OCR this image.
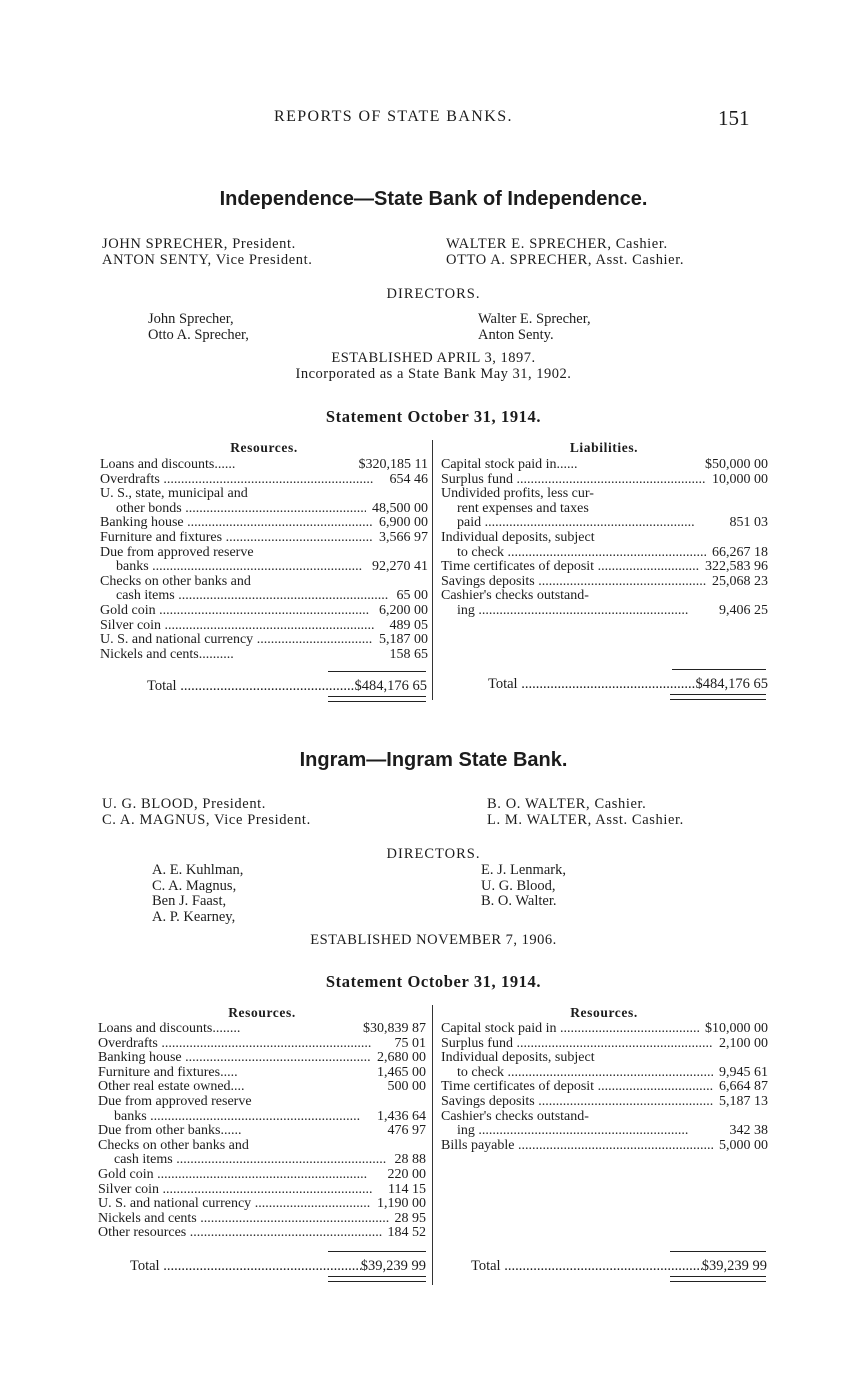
REPORTS OF STATE BANKS.	151
Independence—State Bank of Independence.
JOHN SPRECHER, President.
ANTON SENTY, Vice President.
WALTER E. SPRECHER, Cashier.
OTTO A. SPRECHER, Asst. Cashier.
DIRECTORS.
John Sprecher,
Otto A. Sprecher,
Walter E. Sprecher,
Anton Senty.
ESTABLISHED APRIL 3, 1897.
Incorporated as a State Bank May 31, 1902.
Statement October 31, 1914.
Resources.	Liabilities.
Loans and discounts......	$320,185 11
Overdrafts .....	654 46
U. S., state, municipal and
other bonds .....	48,500 00
Banking house .....	6,900 00
Furniture and fixtures .....	3,566 97
Due from approved reserve
banks .....	92,270 41
Checks on other banks and
cash items .....	65 00
Gold coin .....	6,200 00
Silver coin .....	489 05
U. S. and national currency .....	5,187 00
Nickels and cents..........	158 65
Capital stock paid in......	$50,000 00
Surplus fund .....	10,000 00
Undivided profits, less cur-
rent expenses and taxes
paid .....	851 03
Individual deposits, subject
to check .....	66,267 18
Time certificates of deposit .....	322,583 96
Savings deposits .....	25,068 23
Cashier's checks outstand-
ing .....	9,406 25
Total .....	$484,176 65	Total .....	$484,176 65
Ingram—Ingram State Bank.
U. G. BLOOD, President.
C. A. MAGNUS, Vice President.
B. O. WALTER, Cashier.
L. M. WALTER, Asst. Cashier.
DIRECTORS.
A. E. Kuhlman,
C. A. Magnus,
Ben J. Faast,
A. P. Kearney,
E. J. Lenmark,
U. G. Blood,
B. O. Walter.
ESTABLISHED NOVEMBER 7, 1906.
Statement October 31, 1914.
Resources.	Resources.
Loans and discounts........	$30,839 87
Overdrafts .....	75 01
Banking house .....	2,680 00
Furniture and fixtures.....	1,465 00
Other real estate owned....	500 00
Due from approved reserve
banks .....	1,436 64
Due from other banks......	476 97
Checks on other banks and
cash items .....	28 88
Gold coin .....	220 00
Silver coin .....	114 15
U. S. and national currency .....	1,190 00
Nickels and cents .....	28 95
Other resources .....	184 52
Capital stock paid in .....	$10,000 00
Surplus fund .....	2,100 00
Individual deposits, subject
to check .....	9,945 61
Time certificates of deposit .....	6,664 87
Savings deposits .....	5,187 13
Cashier's checks outstand-
ing .....	342 38
Bills payable .....	5,000 00
Total .....	$39,239 99	Total .....	$39,239 99
